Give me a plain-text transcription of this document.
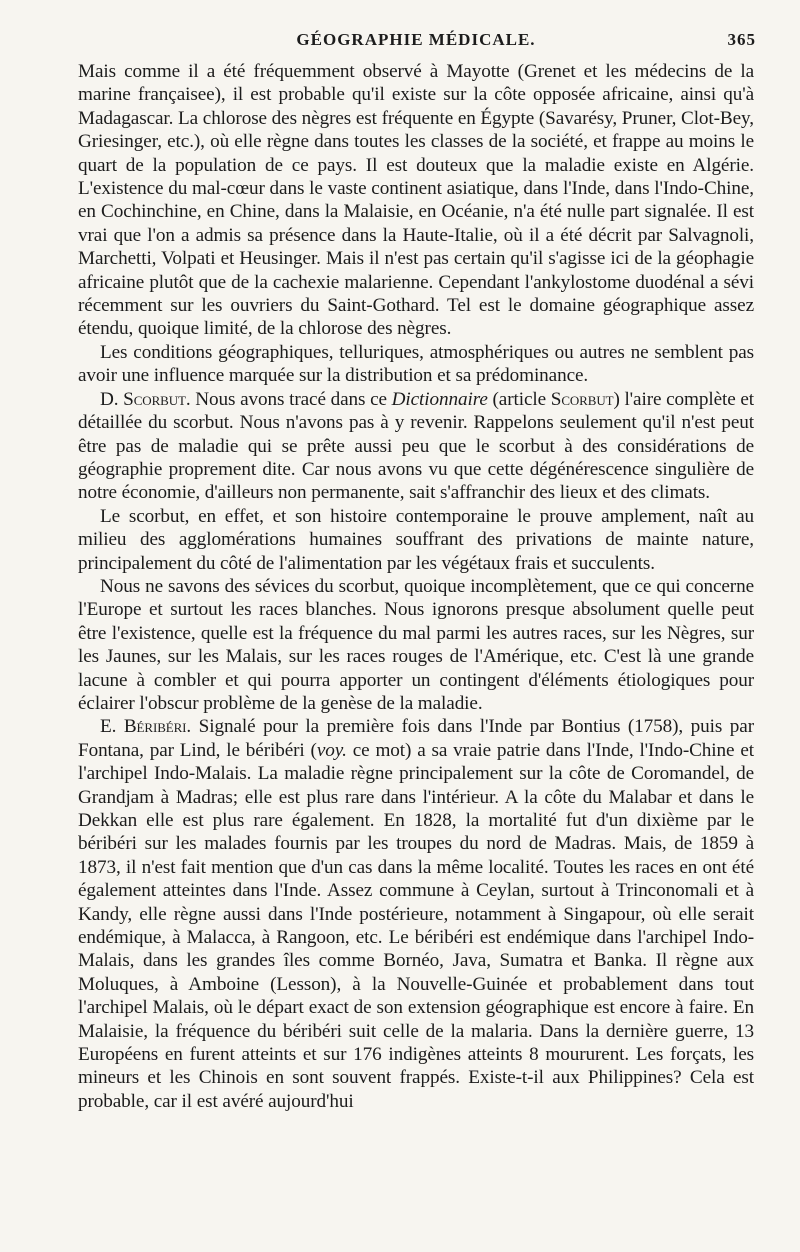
GÉOGRAPHIE MÉDICALE.	365

Mais comme il a été fréquemment observé à Mayotte (Grenet et les médecins de la marine françaisee), il est probable qu'il existe sur la côte opposée africaine, ainsi qu'à Madagascar. La chlorose des nègres est fréquente en Égypte (Savarésy, Pruner, Clot-Bey, Griesinger, etc.), où elle règne dans toutes les classes de la société, et frappe au moins le quart de la population de ce pays. Il est douteux que la maladie existe en Algérie. L'existence du mal-cœur dans le vaste continent asiatique, dans l'Inde, dans l'Indo-Chine, en Cochinchine, en Chine, dans la Malaisie, en Océanie, n'a été nulle part signalée. Il est vrai que l'on a admis sa présence dans la Haute-Italie, où il a été décrit par Salvagnoli, Marchetti, Volpati et Heusinger. Mais il n'est pas certain qu'il s'agisse ici de la géophagie africaine plutôt que de la cachexie malarienne. Cependant l'ankylostome duodénal a sévi récemment sur les ouvriers du Saint-Gothard. Tel est le domaine géographique assez étendu, quoique limité, de la chlorose des nègres.

Les conditions géographiques, telluriques, atmosphériques ou autres ne semblent pas avoir une influence marquée sur la distribution et sa prédominance.

D. Scorbut. Nous avons tracé dans ce Dictionnaire (article Scorbut) l'aire complète et détaillée du scorbut. Nous n'avons pas à y revenir. Rappelons seulement qu'il n'est peut être pas de maladie qui se prête aussi peu que le scorbut à des considérations de géographie proprement dite. Car nous avons vu que cette dégénérescence singulière de notre économie, d'ailleurs non permanente, sait s'affranchir des lieux et des climats.

Le scorbut, en effet, et son histoire contemporaine le prouve amplement, naît au milieu des agglomérations humaines souffrant des privations de mainte nature, principalement du côté de l'alimentation par les végétaux frais et succulents.

Nous ne savons des sévices du scorbut, quoique incomplètement, que ce qui concerne l'Europe et surtout les races blanches. Nous ignorons presque absolument quelle peut être l'existence, quelle est la fréquence du mal parmi les autres races, sur les Nègres, sur les Jaunes, sur les Malais, sur les races rouges de l'Amérique, etc. C'est là une grande lacune à combler et qui pourra apporter un contingent d'éléments étiologiques pour éclairer l'obscur problème de la genèse de la maladie.

E. Béribéri. Signalé pour la première fois dans l'Inde par Bontius (1758), puis par Fontana, par Lind, le béribéri (voy. ce mot) a sa vraie patrie dans l'Inde, l'Indo-Chine et l'archipel Indo-Malais. La maladie règne principalement sur la côte de Coromandel, de Grandjam à Madras; elle est plus rare dans l'intérieur. A la côte du Malabar et dans le Dekkan elle est plus rare également. En 1828, la mortalité fut d'un dixième par le béribéri sur les malades fournis par les troupes du nord de Madras. Mais, de 1859 à 1873, il n'est fait mention que d'un cas dans la même localité. Toutes les races en ont été également atteintes dans l'Inde. Assez commune à Ceylan, surtout à Trinconomali et à Kandy, elle règne aussi dans l'Inde postérieure, notamment à Singapour, où elle serait endémique, à Malacca, à Rangoon, etc. Le béribéri est endémique dans l'archipel Indo-Malais, dans les grandes îles comme Bornéo, Java, Sumatra et Banka. Il règne aux Moluques, à Amboine (Lesson), à la Nouvelle-Guinée et probablement dans tout l'archipel Malais, où le départ exact de son extension géographique est encore à faire. En Malaisie, la fréquence du béribéri suit celle de la malaria. Dans la dernière guerre, 13 Européens en furent atteints et sur 176 indigènes atteints 8 moururent. Les forçats, les mineurs et les Chinois en sont souvent frappés. Existe-t-il aux Philippines? Cela est probable, car il est avéré aujourd'hui
